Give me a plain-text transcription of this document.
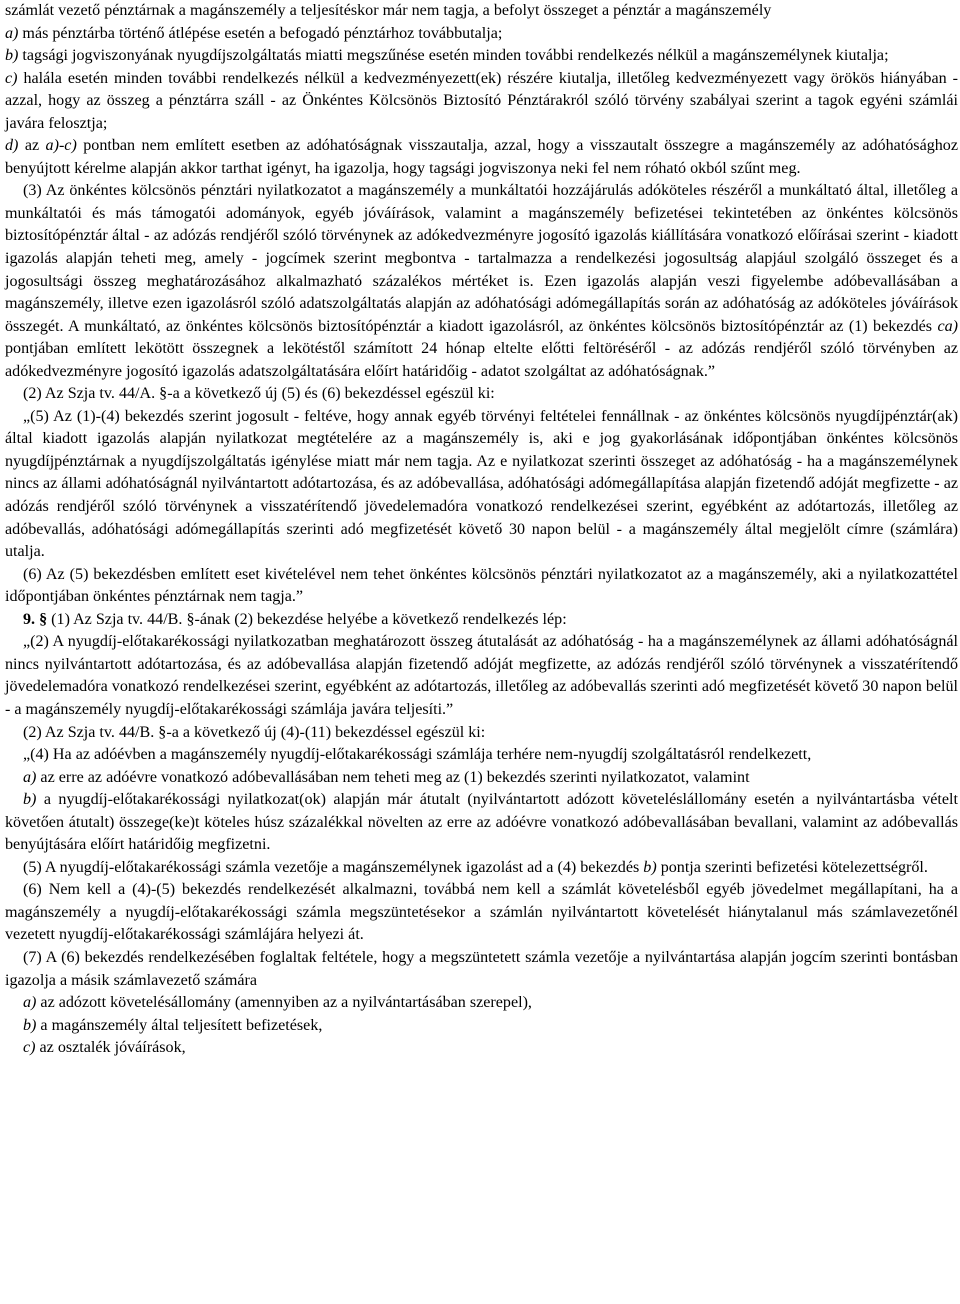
számlát vezető pénztárnak a magánszemély a teljesítéskor már nem tagja, a befolyt összeget a pénztár a magánszemély

a) más pénztárba történő átlépése esetén a befogadó pénztárhoz továbbutalja;

b) tagsági jogviszonyának nyugdíjszolgáltatás miatti megszűnése esetén minden további rendelkezés nélkül a magánszemélynek kiutalja;

c) halála esetén minden további rendelkezés nélkül a kedvezményezett(ek) részére kiutalja, illetőleg kedvezményezett vagy örökös hiányában - azzal, hogy az összeg a pénztárra száll - az Önkéntes Kölcsönös Biztosító Pénztárakról szóló törvény szabályai szerint a tagok egyéni számlái javára felosztja;

d) az a)-c) pontban nem említett esetben az adóhatóságnak visszautalja, azzal, hogy a visszautalt összegre a magánszemély az adóhatósághoz benyújtott kérelme alapján akkor tarthat igényt, ha igazolja, hogy tagsági jogviszonya neki fel nem róható okból szűnt meg.

(3) Az önkéntes kölcsönös pénztári nyilatkozatot a magánszemély a munkáltatói hozzájárulás adóköteles részéről a munkáltató által, illetőleg a munkáltatói és más támogatói adományok, egyéb jóváírások, valamint a magánszemély befizetései tekintetében az önkéntes kölcsönös biztosítópénztár által - az adózás rendjéről szóló törvénynek az adókedvezményre jogosító igazolás kiállítására vonatkozó előírásai szerint - kiadott igazolás alapján teheti meg, amely - jogcímek szerint megbontva - tartalmazza a rendelkezési jogosultság alapjául szolgáló összeget és a jogosultsági összeg meghatározásához alkalmazható százalékos mértéket is. Ezen igazolás alapján veszi figyelembe adóbevallásában a magánszemély, illetve ezen igazolásról szóló adatszolgáltatás alapján az adóhatósági adómegállapítás során az adóhatóság az adóköteles jóváírások összegét. A munkáltató, az önkéntes kölcsönös biztosítópénztár a kiadott igazolásról, az önkéntes kölcsönös biztosítópénztár az (1) bekezdés ca) pontjában említett lekötött összegnek a lekötéstől számított 24 hónap eltelte előtti feltöréséről - az adózás rendjéről szóló törvényben az adókedvezményre jogosító igazolás adatszolgáltatására előírt határidőig - adatot szolgáltat az adóhatóságnak.”

(2) Az Szja tv. 44/A. §-a a következő új (5) és (6) bekezdéssel egészül ki:

„(5) Az (1)-(4) bekezdés szerint jogosult - feltéve, hogy annak egyéb törvényi feltételei fennállnak - az önkéntes kölcsönös nyugdíjpénztár(ak) által kiadott igazolás alapján nyilatkozat megtételére az a magánszemély is, aki e jog gyakorlásának időpontjában önkéntes kölcsönös nyugdíjpénztárnak a nyugdíjszolgáltatás igénylése miatt már nem tagja. Az e nyilatkozat szerinti összeget az adóhatóság - ha a magánszemélynek nincs az állami adóhatóságnál nyilvántartott adótartozása, és az adóbevallása, adóhatósági adómegállapítása alapján fizetendő adóját megfizette - az adózás rendjéről szóló törvénynek a visszatérítendő jövedelemadóra vonatkozó rendelkezései szerint, egyébként az adótartozás, illetőleg az adóbevallás, adóhatósági adómegállapítás szerinti adó megfizetését követő 30 napon belül - a magánszemély által megjelölt címre (számlára) utalja.

(6) Az (5) bekezdésben említett eset kivételével nem tehet önkéntes kölcsönös pénztári nyilatkozatot az a magánszemély, aki a nyilatkozattétel időpontjában önkéntes pénztárnak nem tagja.”

9. § (1) Az Szja tv. 44/B. §-ának (2) bekezdése helyébe a következő rendelkezés lép:

„(2) A nyugdíj-előtakarékossági nyilatkozatban meghatározott összeg átutalását az adóhatóság - ha a magánszemélynek az állami adóhatóságnál nincs nyilvántartott adótartozása, és az adóbevallása alapján fizetendő adóját megfizette, az adózás rendjéről szóló törvénynek a visszatérítendő jövedelemadóra vonatkozó rendelkezései szerint, egyébként az adótartozás, illetőleg az adóbevallás szerinti adó megfizetését követő 30 napon belül - a magánszemély nyugdíj-előtakarékossági számlája javára teljesíti.”

(2) Az Szja tv. 44/B. §-a a következő új (4)-(11) bekezdéssel egészül ki:

„(4) Ha az adóévben a magánszemély nyugdíj-előtakarékossági számlája terhére nem-nyugdíj szolgáltatásról rendelkezett,

a) az erre az adóévre vonatkozó adóbevallásában nem teheti meg az (1) bekezdés szerinti nyilatkozatot, valamint

b) a nyugdíj-előtakarékossági nyilatkozat(ok) alapján már átutalt (nyilvántartott adózott követeléslállomány esetén a nyilvántartásba vételt követően átutalt) összege(ke)t köteles húsz százalékkal növelten az erre az adóévre vonatkozó adóbevallásában bevallani, valamint az adóbevallás benyújtására előírt határidőig megfizetni.

(5) A nyugdíj-előtakarékossági számla vezetője a magánszemélynek igazolást ad a (4) bekezdés b) pontja szerinti befizetési kötelezettségről.

(6) Nem kell a (4)-(5) bekezdés rendelkezését alkalmazni, továbbá nem kell a számlát követelésből egyéb jövedelmet megállapítani, ha a magánszemély a nyugdíj-előtakarékossági számla megszüntetésekor a számlán nyilvántartott követelését hiánytalanul más számlavezetőnél vezetett nyugdíj-előtakarékossági számlájára helyezi át.

(7) A (6) bekezdés rendelkezésében foglaltak feltétele, hogy a megszüntetett számla vezetője a nyilvántartása alapján jogcím szerinti bontásban igazolja a másik számlavezető számára

a) az adózott követelésállomány (amennyiben az a nyilvántartásában szerepel),

b) a magánszemély által teljesített befizetések,

c) az osztalék jóváírások,
